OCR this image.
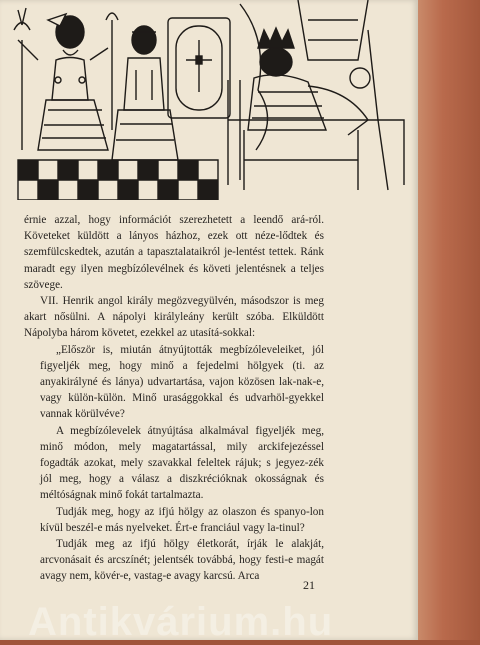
érnie azzal, hogy információt szerezhetett a leendő ará-ról. Követeket küldött a lányos házhoz, ezek ott néze-lődtek és szemfülcskedtek, azután a tapasztalataikról je-lentést tettek. Ránk maradt egy ilyen megbízólevélnek és követi jelentésnek a teljes szövege.

VII. Henrik angol király megözvegyülvén, másodszor is meg akart nősülni. A nápolyi királyleány került szóba. Elküldött Nápolyba három követet, ezekkel az utasítá-sokkal:

„Először is, miután átnyújtották megbízóleveleiket, jól figyeljék meg, hogy minő a fejedelmi hölgyek (ti. az anyakirályné és lánya) udvartartása, vajon közösen lak-nak-e, vagy külön-külön. Minő urasággokkal és udvarhöl-gyekkel vannak körülvéve?

A megbízólevelek átnyújtása alkalmával figyeljék meg, minő módon, mely magatartással, mily arckifejezéssel fogadták azokat, mely szavakkal feleltek rájuk; s jegyez-zék jól meg, hogy a válasz a diszkrécióknak okosságnak és méltóságnak minő fokát tartalmazta.

Tudják meg, hogy az ifjú hölgy az olaszon és spanyo-lon kívül beszél-e más nyelveket. Ért-e franciául vagy la-tinul?

Tudják meg az ifjú hölgy életkorát, írják le alakját, arcvonásait és arcszínét; jelentsék továbbá, hogy festi-e magát avagy nem, kövér-e, vastag-e avagy karcsú. Arca

21
Antikvárium.hu
